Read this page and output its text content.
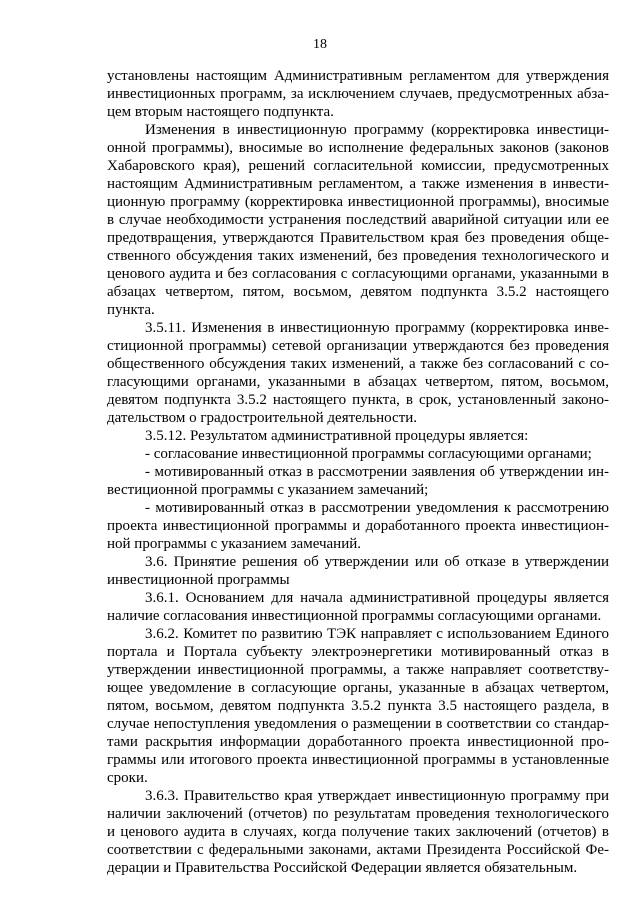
18

установлены настоящим Административным регламентом для утверждения инвестиционных программ, за исключением случаев, предусмотренных абзацем вторым настоящего подпункта.

Изменения в инвестиционную программу (корректировка инвестиционной программы), вносимые во исполнение федеральных законов (законов Хабаровского края), решений согласительной комиссии, предусмотренных настоящим Административным регламентом, а также изменения в инвестиционную программу (корректировка инвестиционной программы), вносимые в случае необходимости устранения последствий аварийной ситуации или ее предотвращения, утверждаются Правительством края без проведения общественного обсуждения таких изменений, без проведения технологического и ценового аудита и без согласования с согласующими органами, указанными в абзацах четвертом, пятом, восьмом, девятом подпункта 3.5.2 настоящего пункта.

3.5.11. Изменения в инвестиционную программу (корректировка инвестиционной программы) сетевой организации утверждаются без проведения общественного обсуждения таких изменений, а также без согласований с согласующими органами, указанными в абзацах четвертом, пятом, восьмом, девятом подпункта 3.5.2 настоящего пункта, в срок, установленный законодательством о градостроительной деятельности.

3.5.12. Результатом административной процедуры является:

- согласование инвестиционной программы согласующими органами;

- мотивированный отказ в рассмотрении заявления об утверждении инвестиционной программы с указанием замечаний;

- мотивированный отказ в рассмотрении уведомления к рассмотрению проекта инвестиционной программы и доработанного проекта инвестиционной программы с указанием замечаний.

3.6. Принятие решения об утверждении или об отказе в утверждении инвестиционной программы

3.6.1. Основанием для начала административной процедуры является наличие согласования инвестиционной программы согласующими органами.

3.6.2. Комитет по развитию ТЭК направляет с использованием Единого портала и Портала субъекту электроэнергетики мотивированный отказ в утверждении инвестиционной программы, а также направляет соответствующее уведомление в согласующие органы, указанные в абзацах четвертом, пятом, восьмом, девятом подпункта 3.5.2 пункта 3.5 настоящего раздела, в случае непоступления уведомления о размещении в соответствии со стандартами раскрытия информации доработанного проекта инвестиционной программы или итогового проекта инвестиционной программы в установленные сроки.

3.6.3. Правительство края утверждает инвестиционную программу при наличии заключений (отчетов) по результатам проведения технологического и ценового аудита в случаях, когда получение таких заключений (отчетов) в соответствии с федеральными законами, актами Президента Российской Федерации и Правительства Российской Федерации является обязательным.
